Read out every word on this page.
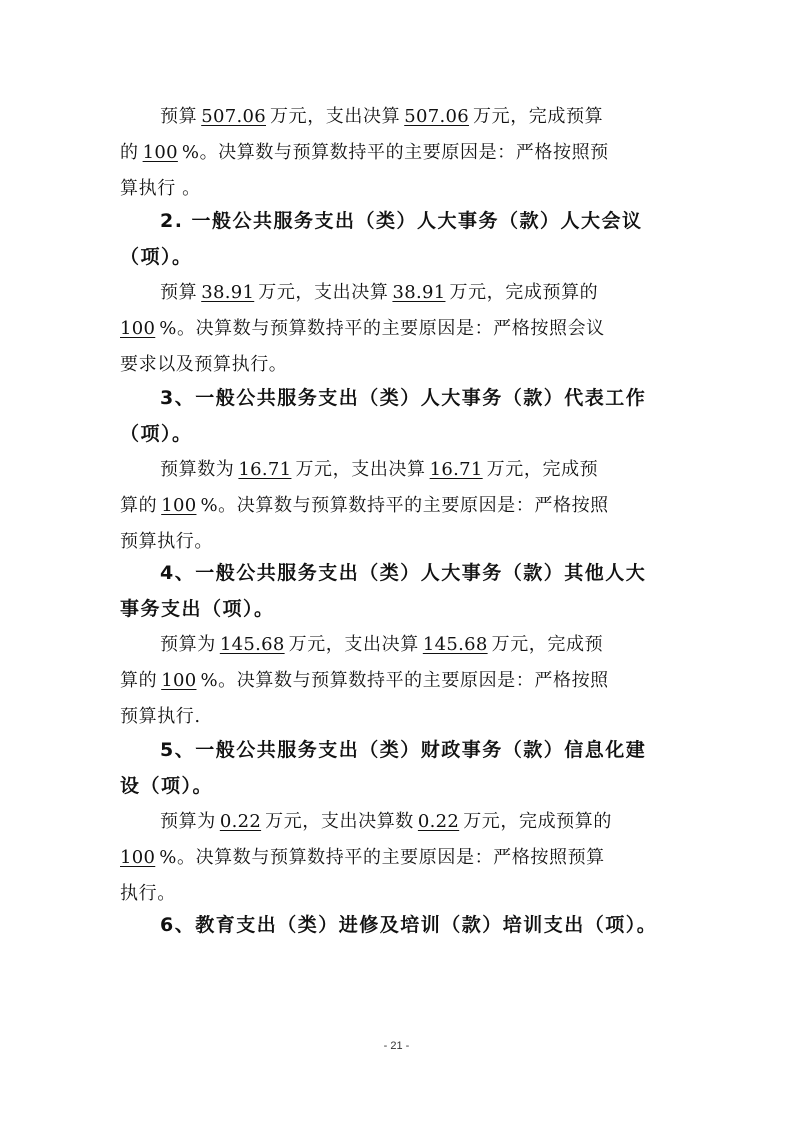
预算 507.06 万元，支出决算 507.06 万元，完成预算
的 100 %。决算数与预算数持平的主要原因是：严格按照预
算执行 。
2. 一般公共服务支出（类）人大事务（款）人大会议
（项）。
预算 38.91 万元，支出决算 38.91 万元，完成预算的
100 %。决算数与预算数持平的主要原因是：严格按照会议
要求以及预算执行。
3、一般公共服务支出（类）人大事务（款）代表工作
（项）。
预算数为 16.71 万元，支出决算 16.71 万元，完成预
算的 100 %。决算数与预算数持平的主要原因是：严格按照
预算执行。
4、一般公共服务支出（类）人大事务（款）其他人大
事务支出（项）。
预算为 145.68 万元，支出决算 145.68 万元，完成预
算的 100 %。决算数与预算数持平的主要原因是：严格按照
预算执行.
5、一般公共服务支出（类）财政事务（款）信息化建
设（项）。
预算为 0.22 万元，支出决算数 0.22 万元，完成预算的
100 %。决算数与预算数持平的主要原因是：严格按照预算
执行。
6、教育支出（类）进修及培训（款）培训支出（项）。
- 21 -
